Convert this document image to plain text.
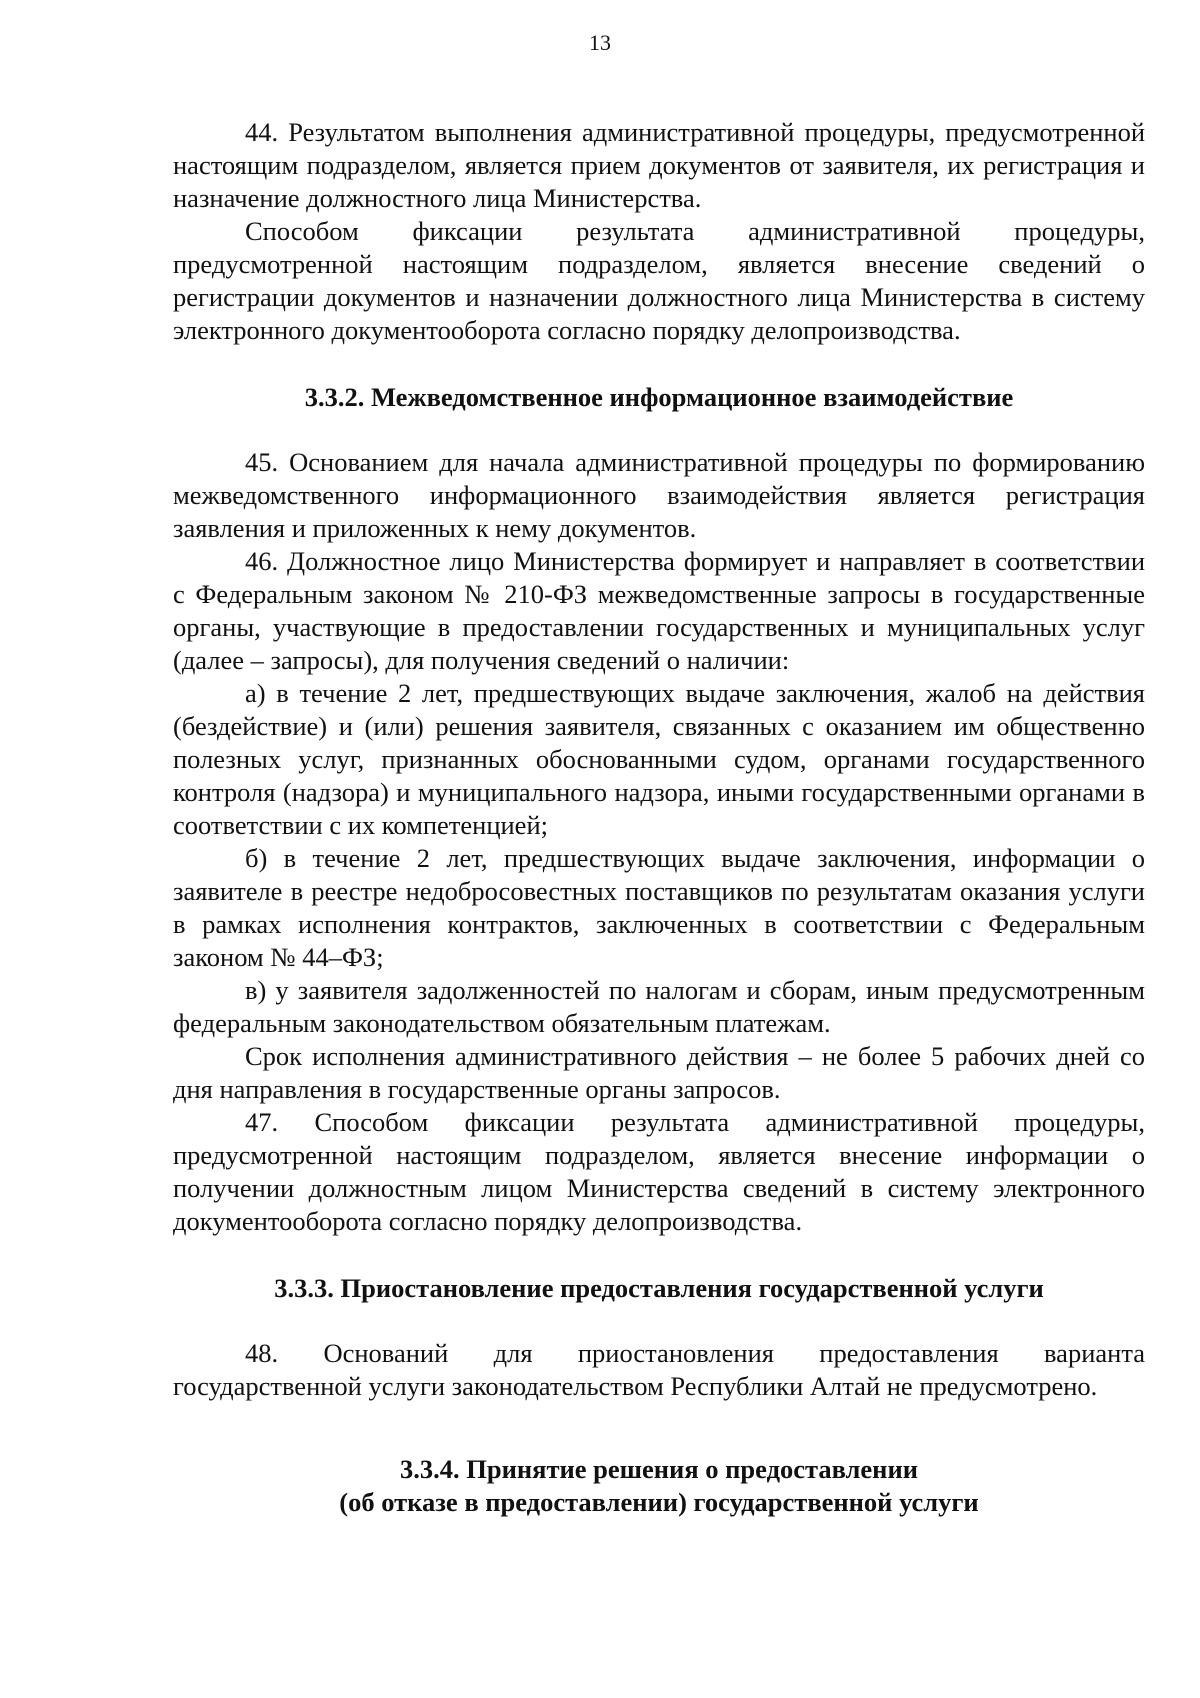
13

44. Результатом выполнения административной процедуры, предусмотренной настоящим подразделом, является прием документов от заявителя, их регистрация и назначение должностного лица Министерства.

Способом фиксации результата административной процедуры, предусмотренной настоящим подразделом, является внесение сведений о регистрации документов и назначении должностного лица Министерства в систему электронного документооборота согласно порядку делопроизводства.

3.3.2. Межведомственное информационное взаимодействие

45. Основанием для начала административной процедуры по формированию межведомственного информационного взаимодействия является регистрация заявления и приложенных к нему документов.

46. Должностное лицо Министерства формирует и направляет в соответствии с Федеральным законом № 210-ФЗ межведомственные запросы в государственные органы, участвующие в предоставлении государственных и муниципальных услуг (далее – запросы), для получения сведений о наличии:

а) в течение 2 лет, предшествующих выдаче заключения, жалоб на действия (бездействие) и (или) решения заявителя, связанных с оказанием им общественно полезных услуг, признанных обоснованными судом, органами государственного контроля (надзора) и муниципального надзора, иными государственными органами в соответствии с их компетенцией;

б) в течение 2 лет, предшествующих выдаче заключения, информации о заявителе в реестре недобросовестных поставщиков по результатам оказания услуги в рамках исполнения контрактов, заключенных в соответствии с Федеральным законом № 44–ФЗ;

в) у заявителя задолженностей по налогам и сборам, иным предусмотренным федеральным законодательством обязательным платежам.

Срок исполнения административного действия – не более 5 рабочих дней со дня направления в государственные органы запросов.

47. Способом фиксации результата административной процедуры, предусмотренной настоящим подразделом, является внесение информации о получении должностным лицом Министерства сведений в систему электронного документооборота согласно порядку делопроизводства.

3.3.3. Приостановление предоставления государственной услуги

48. Оснований для приостановления предоставления варианта государственной услуги законодательством Республики Алтай не предусмотрено.

3.3.4. Принятие решения о предоставлении
(об отказе в предоставлении) государственной услуги
